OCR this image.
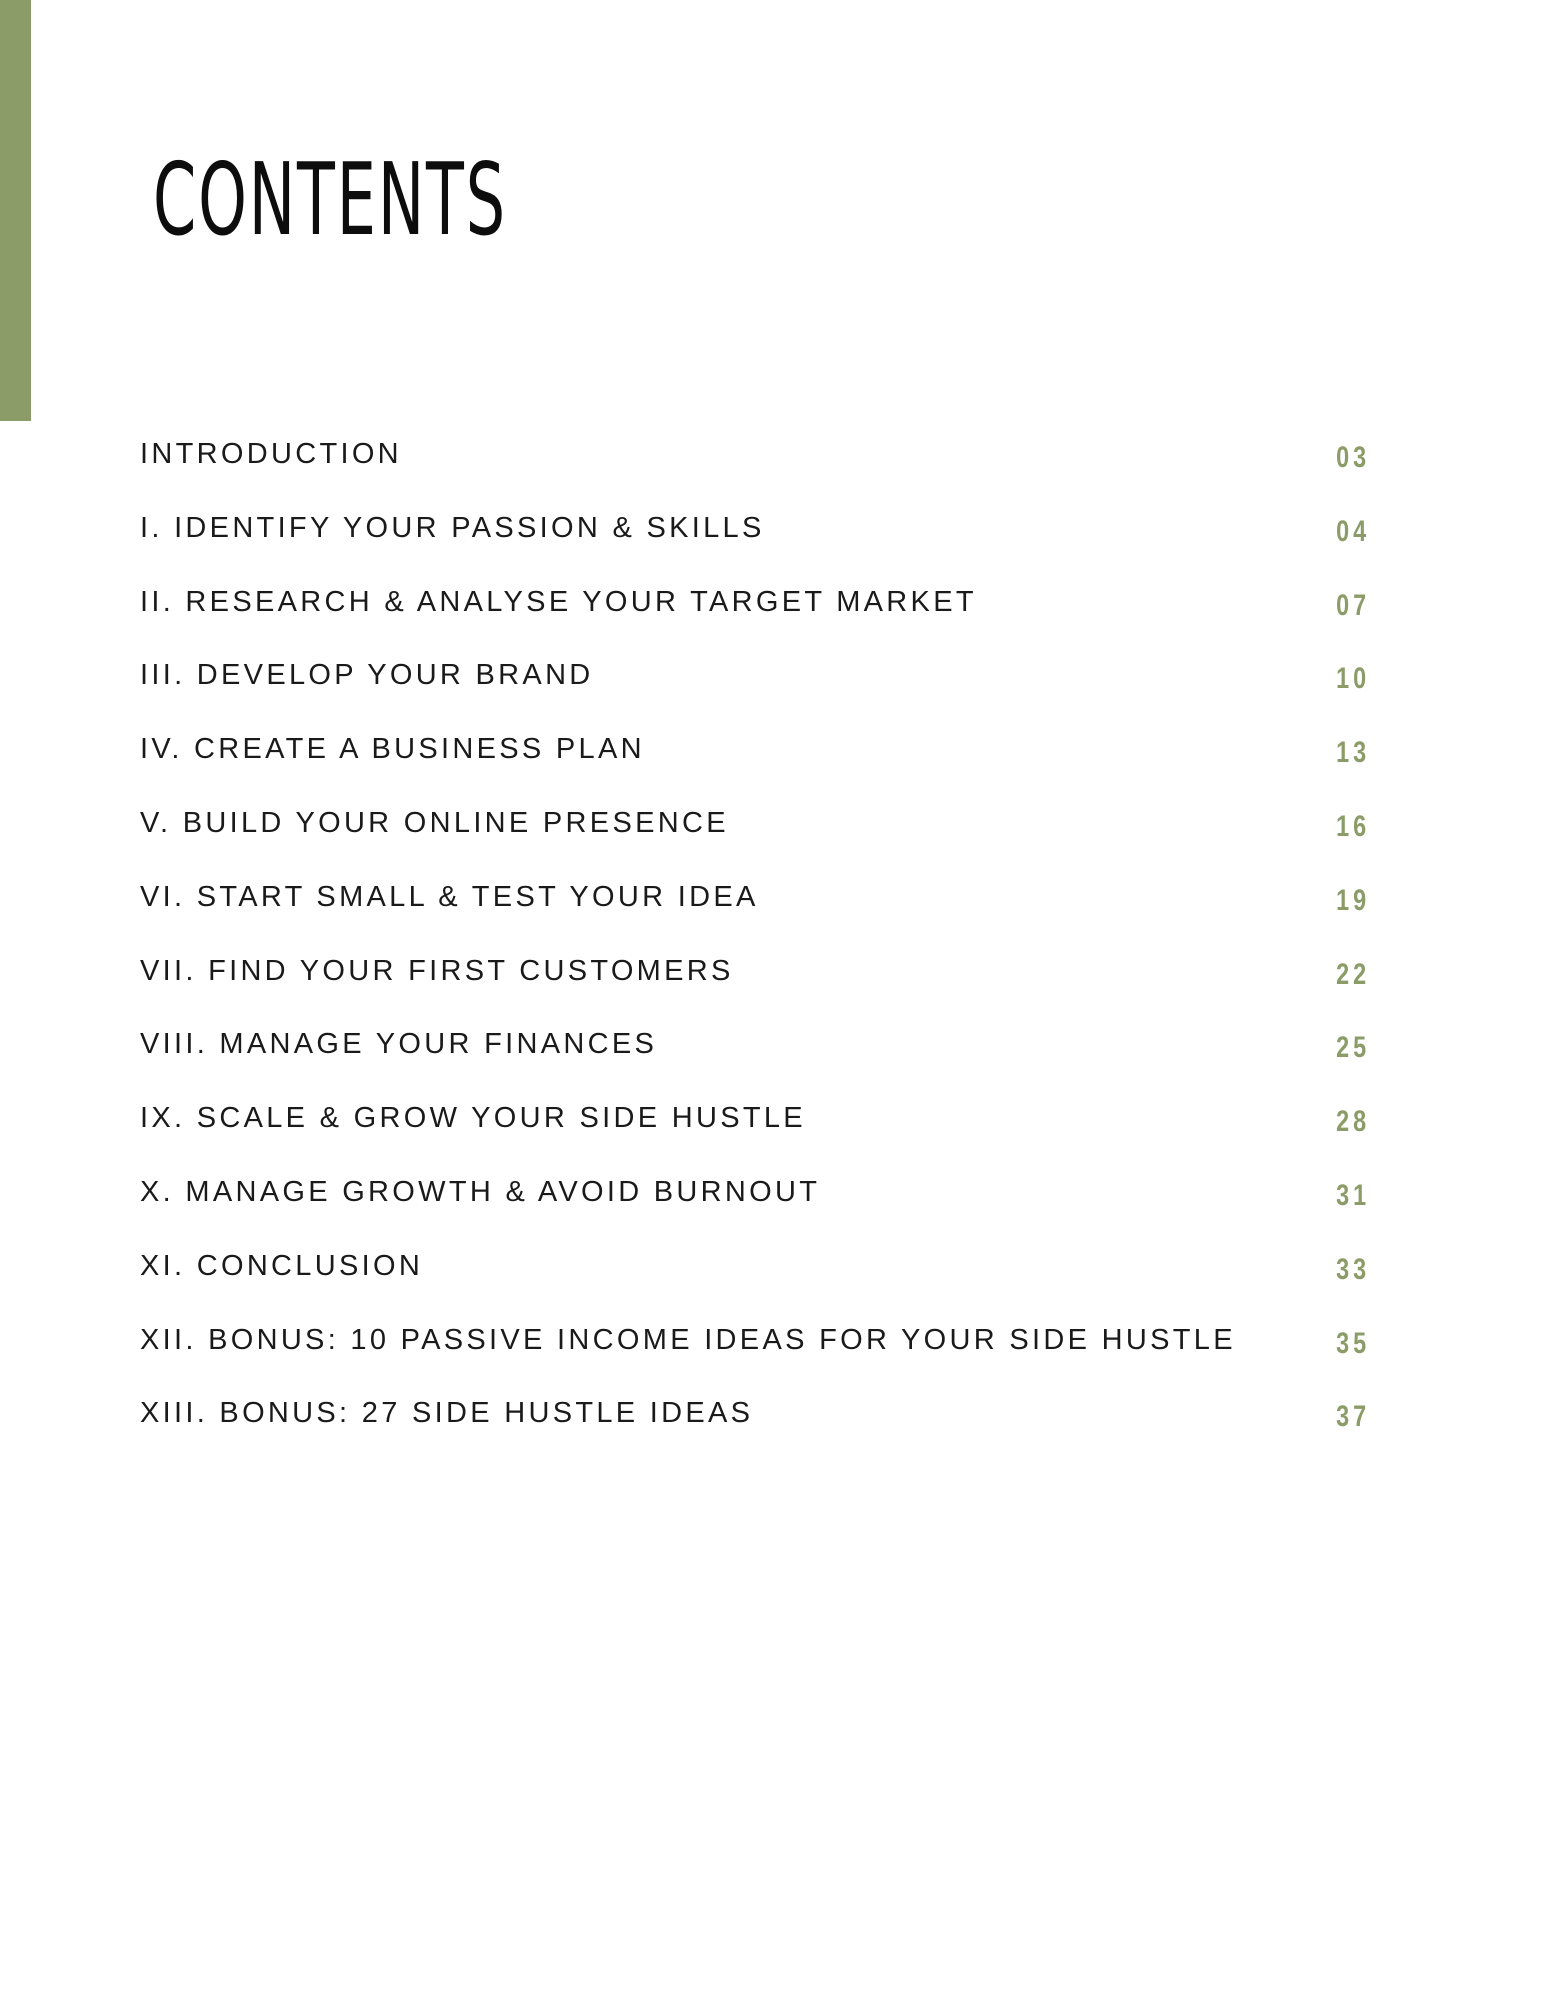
CONTENTS
INTRODUCTION	03
I. IDENTIFY YOUR PASSION & SKILLS	04
II. RESEARCH & ANALYSE YOUR TARGET MARKET	07
III. DEVELOP YOUR BRAND	10
IV. CREATE A BUSINESS PLAN	13
V. BUILD YOUR ONLINE PRESENCE	16
VI. START SMALL & TEST YOUR IDEA	19
VII. FIND YOUR FIRST CUSTOMERS	22
VIII. MANAGE YOUR FINANCES	25
IX. SCALE & GROW YOUR SIDE HUSTLE	28
X. MANAGE GROWTH & AVOID BURNOUT	31
XI. CONCLUSION	33
XII. BONUS: 10 PASSIVE INCOME IDEAS FOR YOUR SIDE HUSTLE	35
XIII. BONUS: 27 SIDE HUSTLE IDEAS	37
